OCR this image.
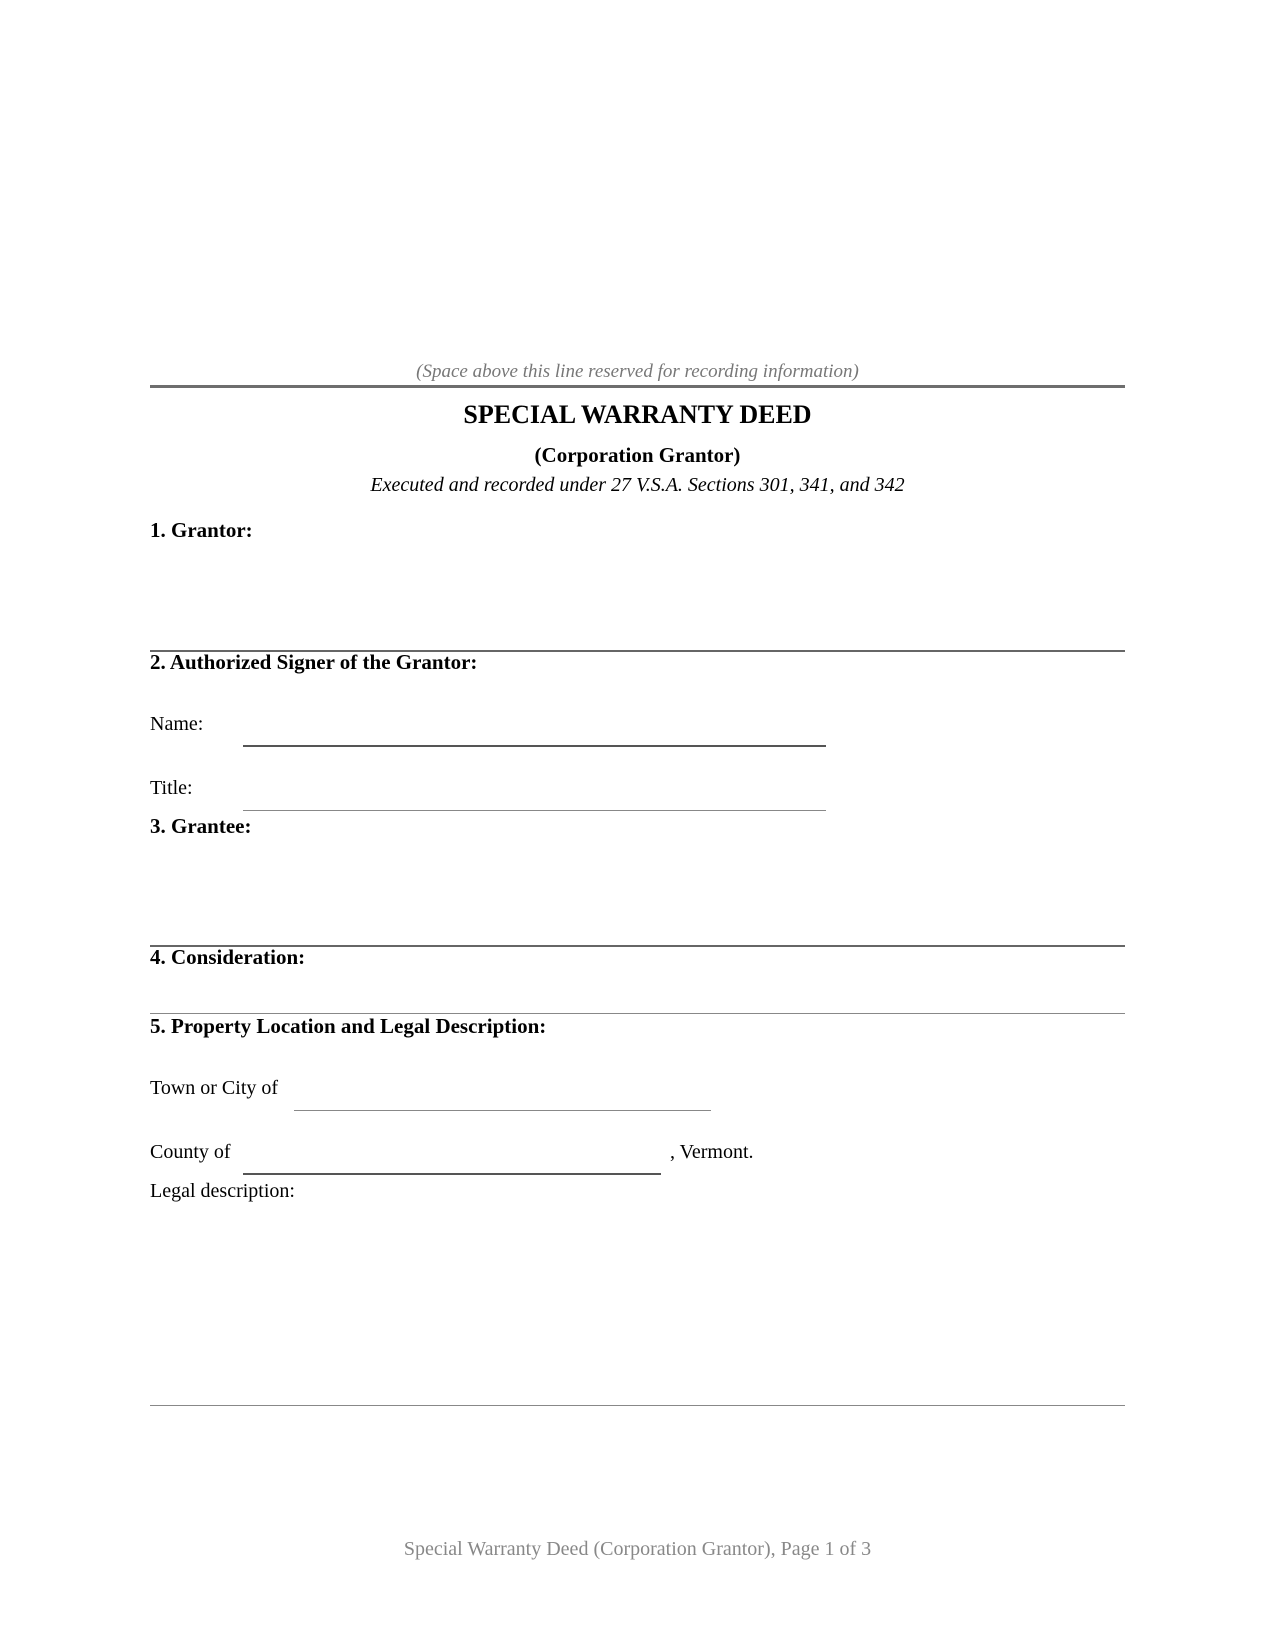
(Space above this line reserved for recording information)
SPECIAL WARRANTY DEED
(Corporation Grantor)
Executed and recorded under 27 V.S.A. Sections 301, 341, and 342
1. Grantor:
2. Authorized Signer of the Grantor:
Name:
Title:
3. Grantee:
4. Consideration:
5. Property Location and Legal Description:
Town or City of
County of	, Vermont.
Legal description:
Special Warranty Deed (Corporation Grantor), Page 1 of 3
